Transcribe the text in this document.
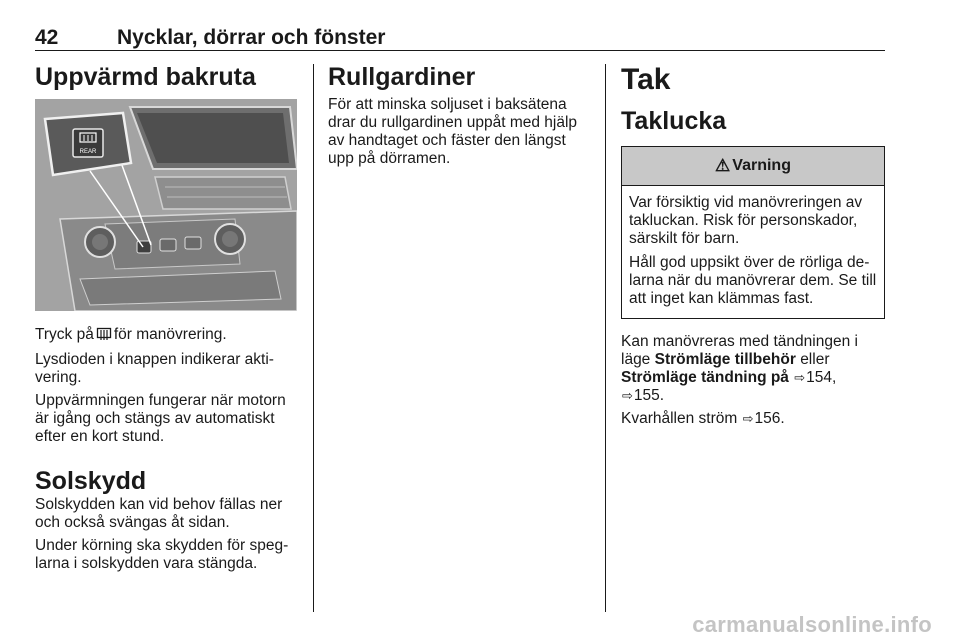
42	Nycklar, dörrar och fönster
Uppvärmd bakruta
REAR

Tryck på för manövrering.

Lysdioden i knappen indikerar akti-vering.

Uppvärmningen fungerar när motorn är igång och stängs av automatiskt efter en kort stund.

Solskydd

Solskydden kan vid behov fällas ner och också svängas åt sidan.

Under körning ska skydden för speg-larna i solskydden vara stängda.

Rullgardiner

För att minska soljuset i baksätena drar du rullgardinen uppåt med hjälp av handtaget och fäster den längst upp på dörramen.

Tak
Taklucka
⚠ Varning

Var försiktig vid manövreringen av takluckan. Risk för personskador, särskilt för barn.

Håll god uppsikt över de rörliga de-larna när du manövrerar dem. Se till att inget kan klämmas fast.

Kan manövreras med tändningen i läge Strömläge tillbehör eller
Strömläge tändning på ⇨154,
⇨155.

Kvarhållen ström ⇨156.

carmanualsonline.info
